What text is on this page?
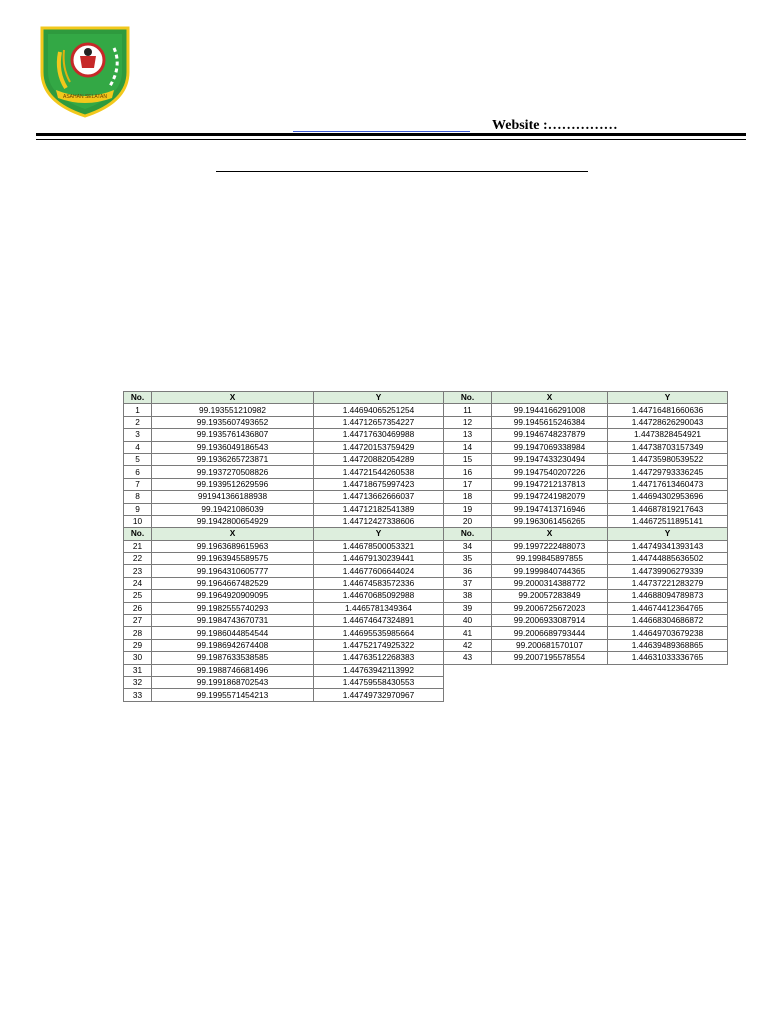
ASAHAN SELATAN
Website :……………
No.	X	Y	No.	X	Y
1	99.193551210982	1.44694065251254	11	99.1944166291008	1.44716481660636
2	99.1935607493652	1.44712657354227	12	99.1945615246384	1.44728626290043
3	99.1935761436807	1.44717630469988	13	99.1946748237879	1.4473828454921
4	99.1936049186543	1.44720153759429	14	99.1947069338984	1.44738703157349
5	99.1936265723871	1.44720882054289	15	99.1947433230494	1.44735980539522
6	99.1937270508826	1.44721544260538	16	99.1947540207226	1.44729793336245
7	99.1939512629596	1.44718675997423	17	99.1947212137813	1.44717613460473
8	991941366188938	1.44713662666037	18	99.1947241982079	1.44694302953696
9	99.19421086039	1.44712182541389	19	99.1947413716946	1.44687819217643
10	99.1942800654929	1.44712427338606	20	99.1963061456265	1.44672511895141
No.	X	Y	No.	X	Y
21	99.1963689615963	1.44678500053321	34	99.1997222488073	1.44749341393143
22	99.1963945589575	1.44679130239441	35	99.199845897855	1.44744885636502
23	99.1964310605777	1.44677606644024	36	99.1999840744365	1.44739906279339
24	99.1964667482529	1.44674583572336	37	99.2000314388772	1.44737221283279
25	99.1964920909095	1.44670685092988	38	99.20057283849	1.44688094789873
26	99.1982555740293	1.4465781349364	39	99.2006725672023	1.44674412364765
27	99.1984743670731	1.44674647324891	40	99.2006933087914	1.44668304686872
28	99.1986044854544	1.44695535985664	41	99.2006689793444	1.44649703679238
29	99.1986942674408	1.44752174925322	42	99.200681570107	1.44639489368865
30	99.1987633538585	1.44763512268383	43	99.2007195578554	1.44631033336765
31	99.1988746681496	1.44763942113992			
32	99.1991868702543	1.44759558430553			
33	99.1995571454213	1.44749732970967			
